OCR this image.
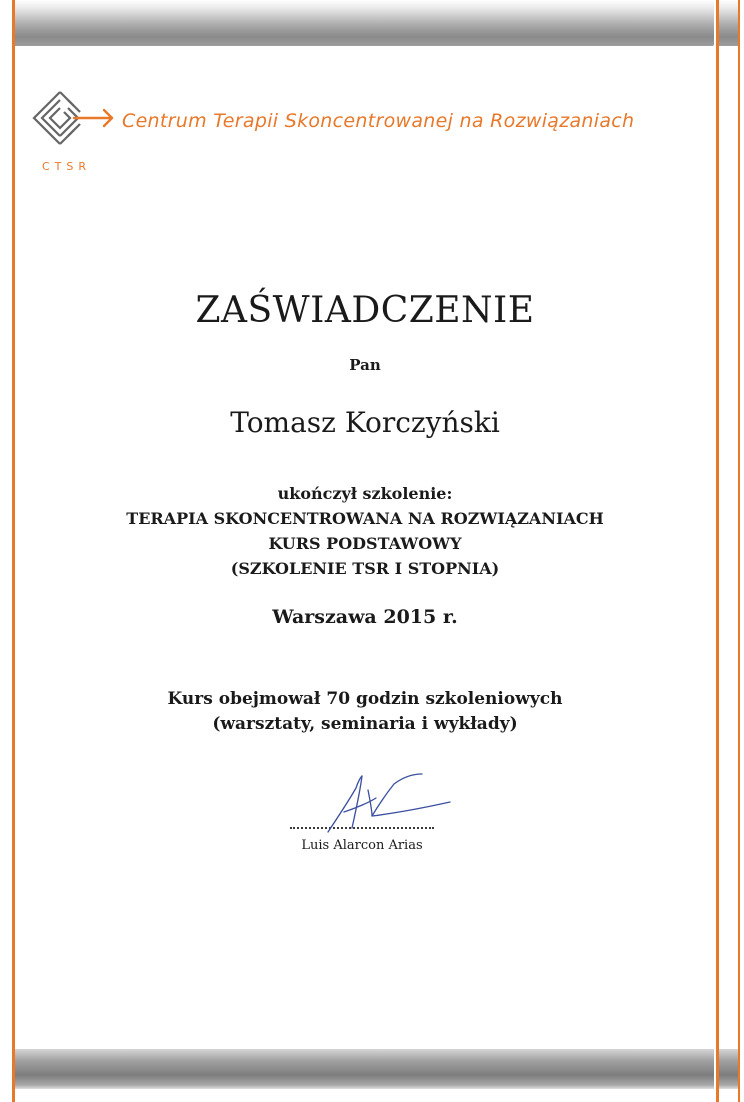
CTSR
Centrum Terapii Skoncentrowanej na Rozwiązaniach
ZAŚWIADCZENIE
Pan
Tomasz Korczyński
ukończył szkolenie:
TERAPIA SKONCENTROWANA NA ROZWIĄZANIACH
KURS PODSTAWOWY
(SZKOLENIE TSR I STOPNIA)
Warszawa 2015 r.
Kurs obejmował 70 godzin szkoleniowych
(warsztaty, seminaria i wykłady)
Luis Alarcon Arias
